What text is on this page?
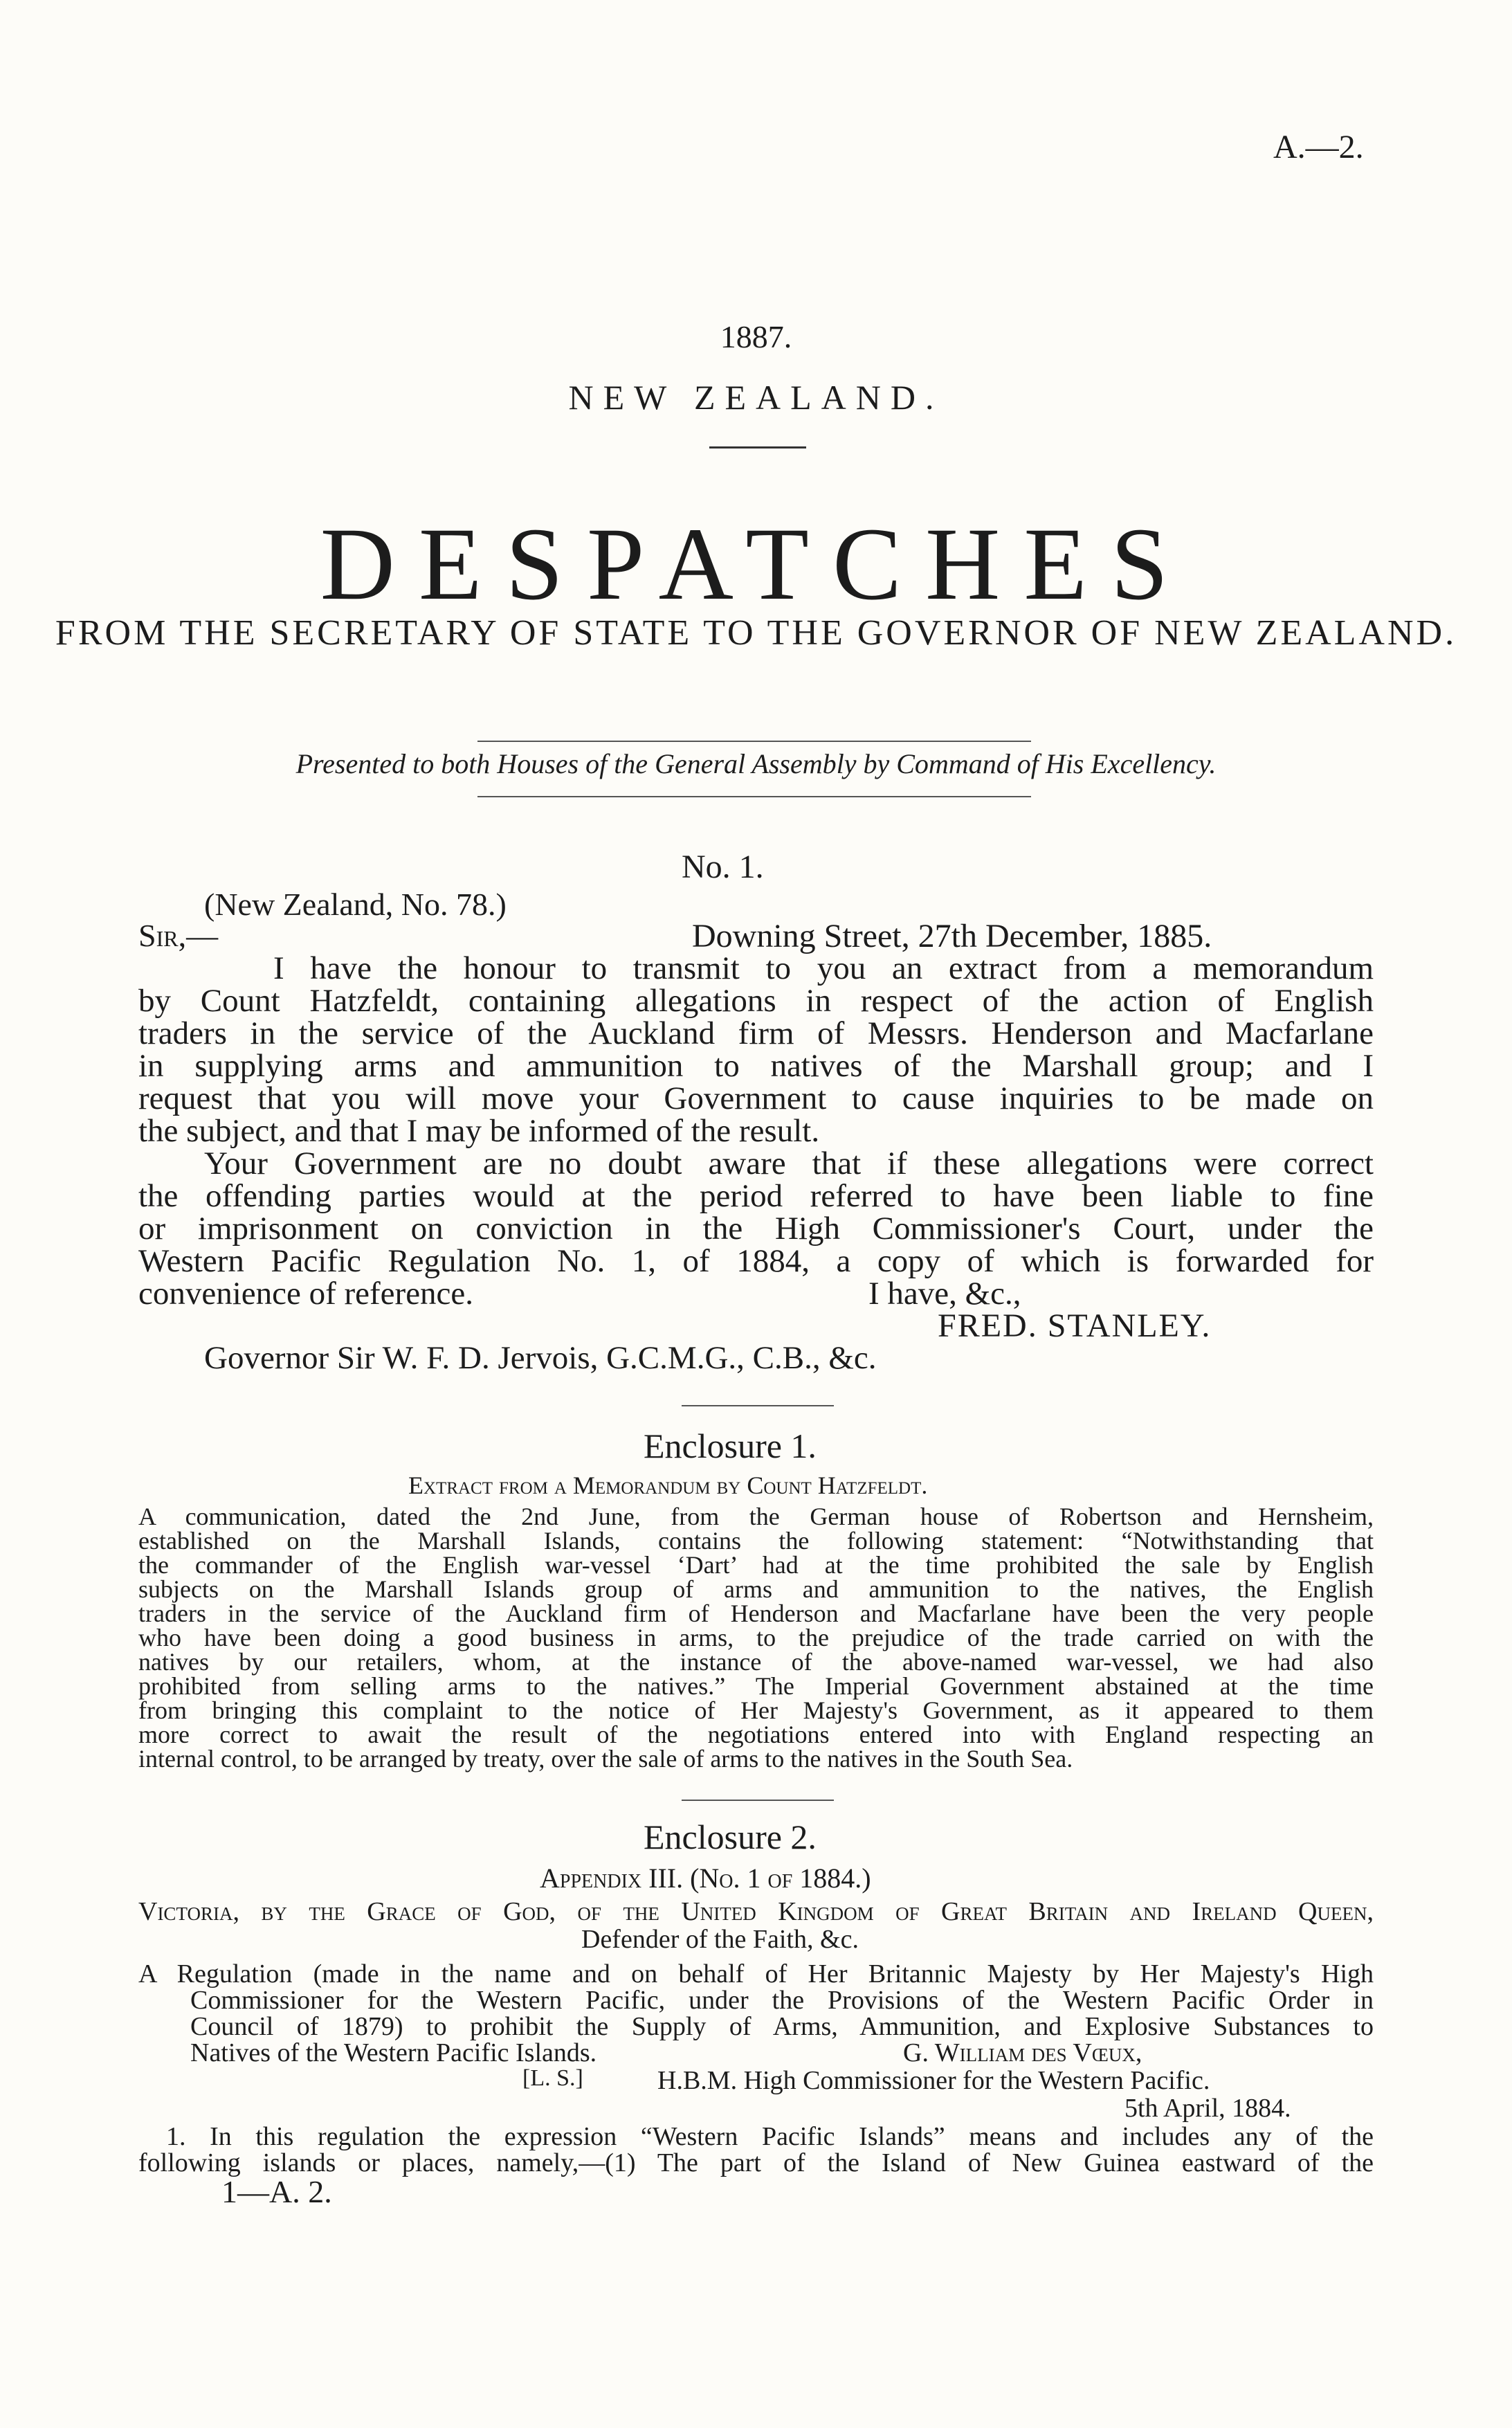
A.—2.
1887.
NEW ZEALAND.
DESPATCHES
FROM THE SECRETARY OF STATE TO THE GOVERNOR OF NEW ZEALAND.
Presented to both Houses of the General Assembly by Command of His Excellency.
No. 1.
(New Zealand, No. 78.)
Sir,—	Downing Street, 27th December, 1885.
I have the honour to transmit to you an extract from a memorandum
by Count Hatzfeldt, containing allegations in respect of the action of English
traders in the service of the Auckland firm of Messrs. Henderson and Macfarlane
in supplying arms and ammunition to natives of the Marshall group; and I
request that you will move your Government to cause inquiries to be made on
the subject, and that I may be informed of the result.
Your Government are no doubt aware that if these allegations were correct
the offending parties would at the period referred to have been liable to fine
or imprisonment on conviction in the High Commissioner's Court, under the
Western Pacific Regulation No. 1, of 1884, a copy of which is forwarded for
convenience of reference.	I have, &c.,
FRED. STANLEY.
Governor Sir W. F. D. Jervois, G.C.M.G., C.B., &c.
Enclosure 1.
Extract from a Memorandum by Count Hatzfeldt.
A communication, dated the 2nd June, from the German house of Robertson and Hernsheim,
established on the Marshall Islands, contains the following statement: “Notwithstanding that
the commander of the English war-vessel ‘Dart’ had at the time prohibited the sale by English
subjects on the Marshall Islands group of arms and ammunition to the natives, the English
traders in the service of the Auckland firm of Henderson and Macfarlane have been the very people
who have been doing a good business in arms, to the prejudice of the trade carried on with the
natives by our retailers, whom, at the instance of the above-named war-vessel, we had also
prohibited from selling arms to the natives.” The Imperial Government abstained at the time
from bringing this complaint to the notice of Her Majesty's Government, as it appeared to them
more correct to await the result of the negotiations entered into with England respecting an
internal control, to be arranged by treaty, over the sale of arms to the natives in the South Sea.
Enclosure 2.
Appendix III. (No. 1 of 1884.)
Victoria, by the Grace of God, of the United Kingdom of Great Britain and Ireland Queen,
Defender of the Faith, &c.
A Regulation (made in the name and on behalf of Her Britannic Majesty by Her Majesty's High
Commissioner for the Western Pacific, under the Provisions of the Western Pacific Order in
Council of 1879) to prohibit the Supply of Arms, Ammunition, and Explosive Substances to
Natives of the Western Pacific Islands.	G. William des Vœux,
[L. S.]	H.B.M. High Commissioner for the Western Pacific.
5th April, 1884.
1. In this regulation the expression “Western Pacific Islands” means and includes any of the
following islands or places, namely,—(1) The part of the Island of New Guinea eastward of the
1—A. 2.
